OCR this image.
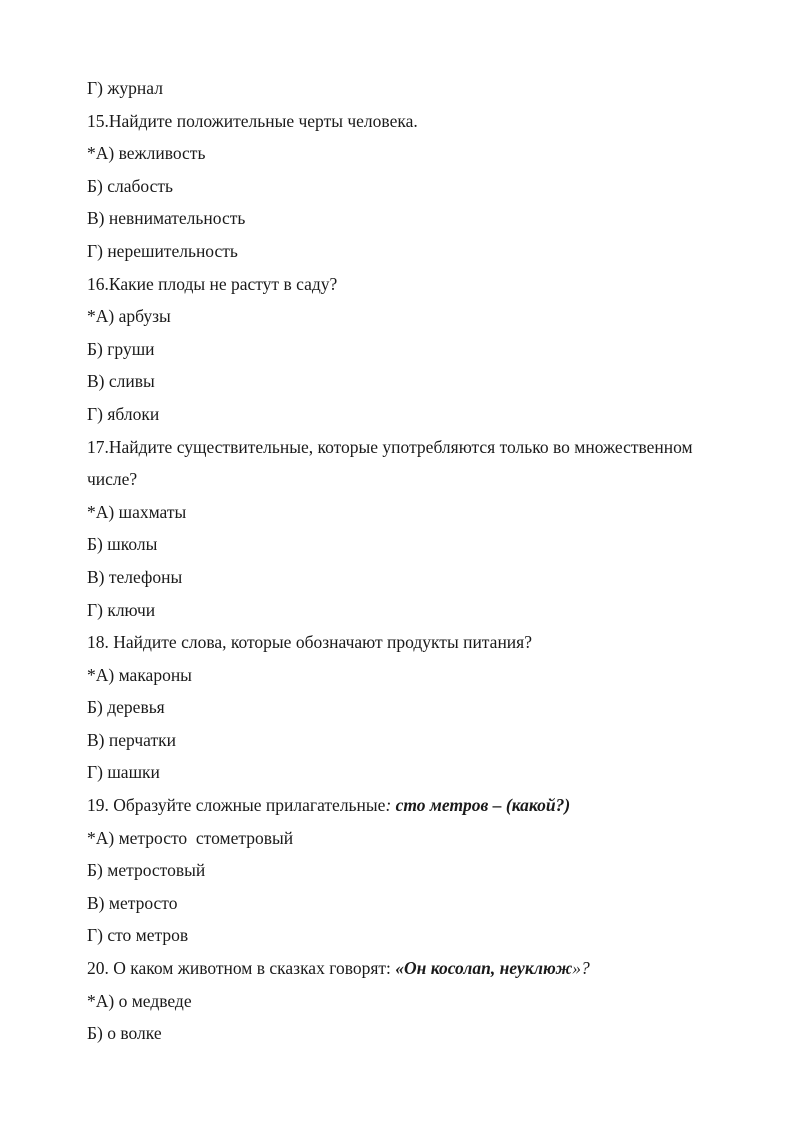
Г) журнал

15.Найдите положительные черты человека.

*А) вежливость

Б) слабость

В) невнимательность

Г) нерешительность

16.Какие плоды не растут в саду?

*А) арбузы

Б) груши

В) сливы

Г) яблоки

17.Найдите существительные, которые употребляются только во множественном

числе?

*А) шахматы

Б) школы

В) телефоны

Г) ключи

18. Найдите слова, которые обозначают продукты питания?

*А) макароны

Б) деревья

В) перчатки

Г) шашки

19. Образуйте сложные прилагательные: сто метров – (какой?)

*А) метросто  стометровый

Б) метростовый

В) метросто

Г) сто метров

20. О каком животном в сказках говорят: «Он косолап, неуклюж»?

*А) о медведе

Б) о волке
